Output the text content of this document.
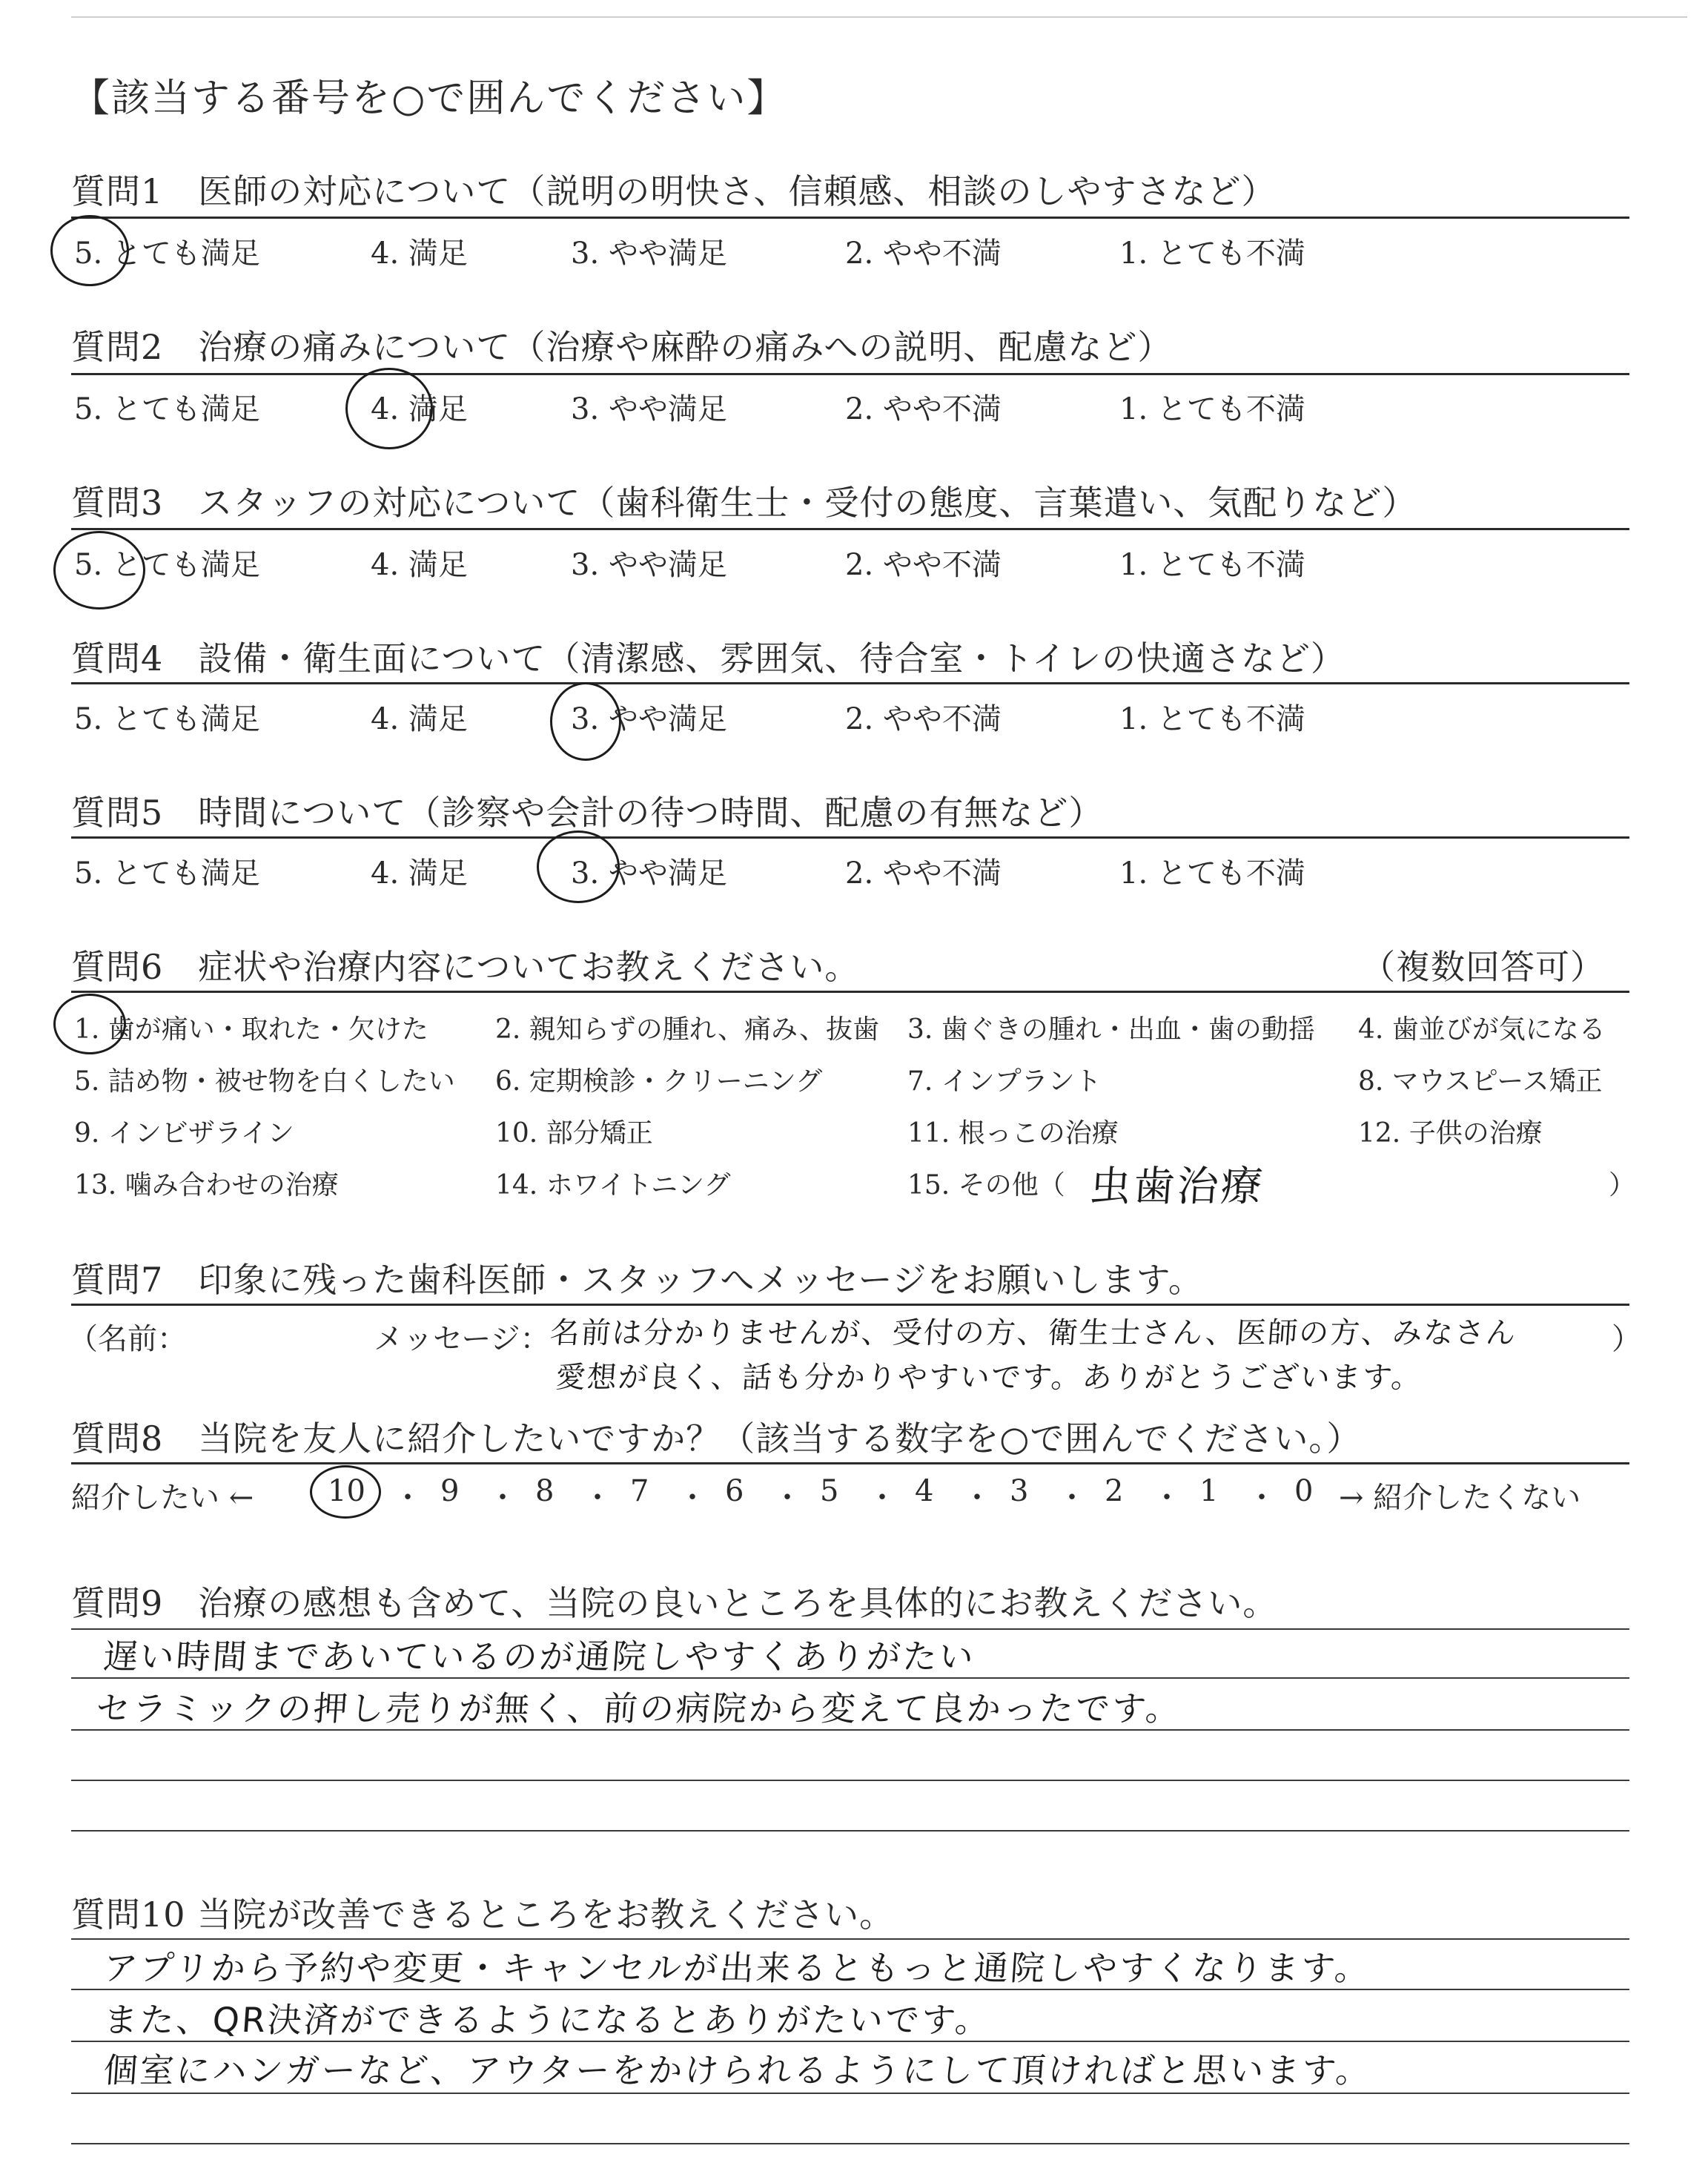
【該当する番号を○で囲んでください】
質問1　医師の対応について（説明の明快さ、信頼感、相談のしやすさなど）
5. とても満足	4. 満足	3. やや満足	2. やや不満	1. とても不満
質問2　治療の痛みについて（治療や麻酔の痛みへの説明、配慮など）
5. とても満足	4. 満足	3. やや満足	2. やや不満	1. とても不満
質問3　スタッフの対応について（歯科衛生士・受付の態度、言葉遣い、気配りなど）
5. とても満足	4. 満足	3. やや満足	2. やや不満	1. とても不満
質問4　設備・衛生面について（清潔感、雰囲気、待合室・トイレの快適さなど）
5. とても満足	4. 満足	3. やや満足	2. やや不満	1. とても不満
質問5　時間について（診察や会計の待つ時間、配慮の有無など）
5. とても満足	4. 満足	3. やや満足	2. やや不満	1. とても不満
質問6　症状や治療内容についてお教えください。	（複数回答可）
1. 歯が痛い・取れた・欠けた	2. 親知らずの腫れ、痛み、抜歯 3. 歯ぐきの腫れ・出血・歯の動揺 4. 歯並びが気になる
5. 詰め物・被せ物を白くしたい 6. 定期検診・クリーニング	7. インプラント	8. マウスピース矯正
9. インビザライン	10. 部分矯正	11. 根っこの治療	12. 子供の治療
13. 噛み合わせの治療	14. ホワイトニング	15. その他（ 虫歯治療	）
質問7　印象に残った歯科医師・スタッフへメッセージをお願いします。
（名前：	メッセージ：
名前は分かりませんが、受付の方、衛生士さん、医師の方、みなさん	）
愛想が良く、話も分かりやすいです。ありがとうございます。
質問8　当院を友人に紹介したいですか？（該当する数字を○で囲んでください。）
紹介したい ←	→ 紹介したくない
10 ・ 9 ・ 8 ・ 7 ・ 6 ・ 5 ・ 4 ・ 3 ・ 2 ・ 1 ・ 0
質問9　治療の感想も含めて、当院の良いところを具体的にお教えください。
遅い時間まであいているのが通院しやすくありがたい
セラミックの押し売りが無く、前の病院から変えて良かったです。
質問10 当院が改善できるところをお教えください。
アプリから予約や変更・キャンセルが出来るともっと通院しやすくなります。
また、QR決済ができるようになるとありがたいです。
個室にハンガーなど、アウターをかけられるようにして頂ければと思います。
